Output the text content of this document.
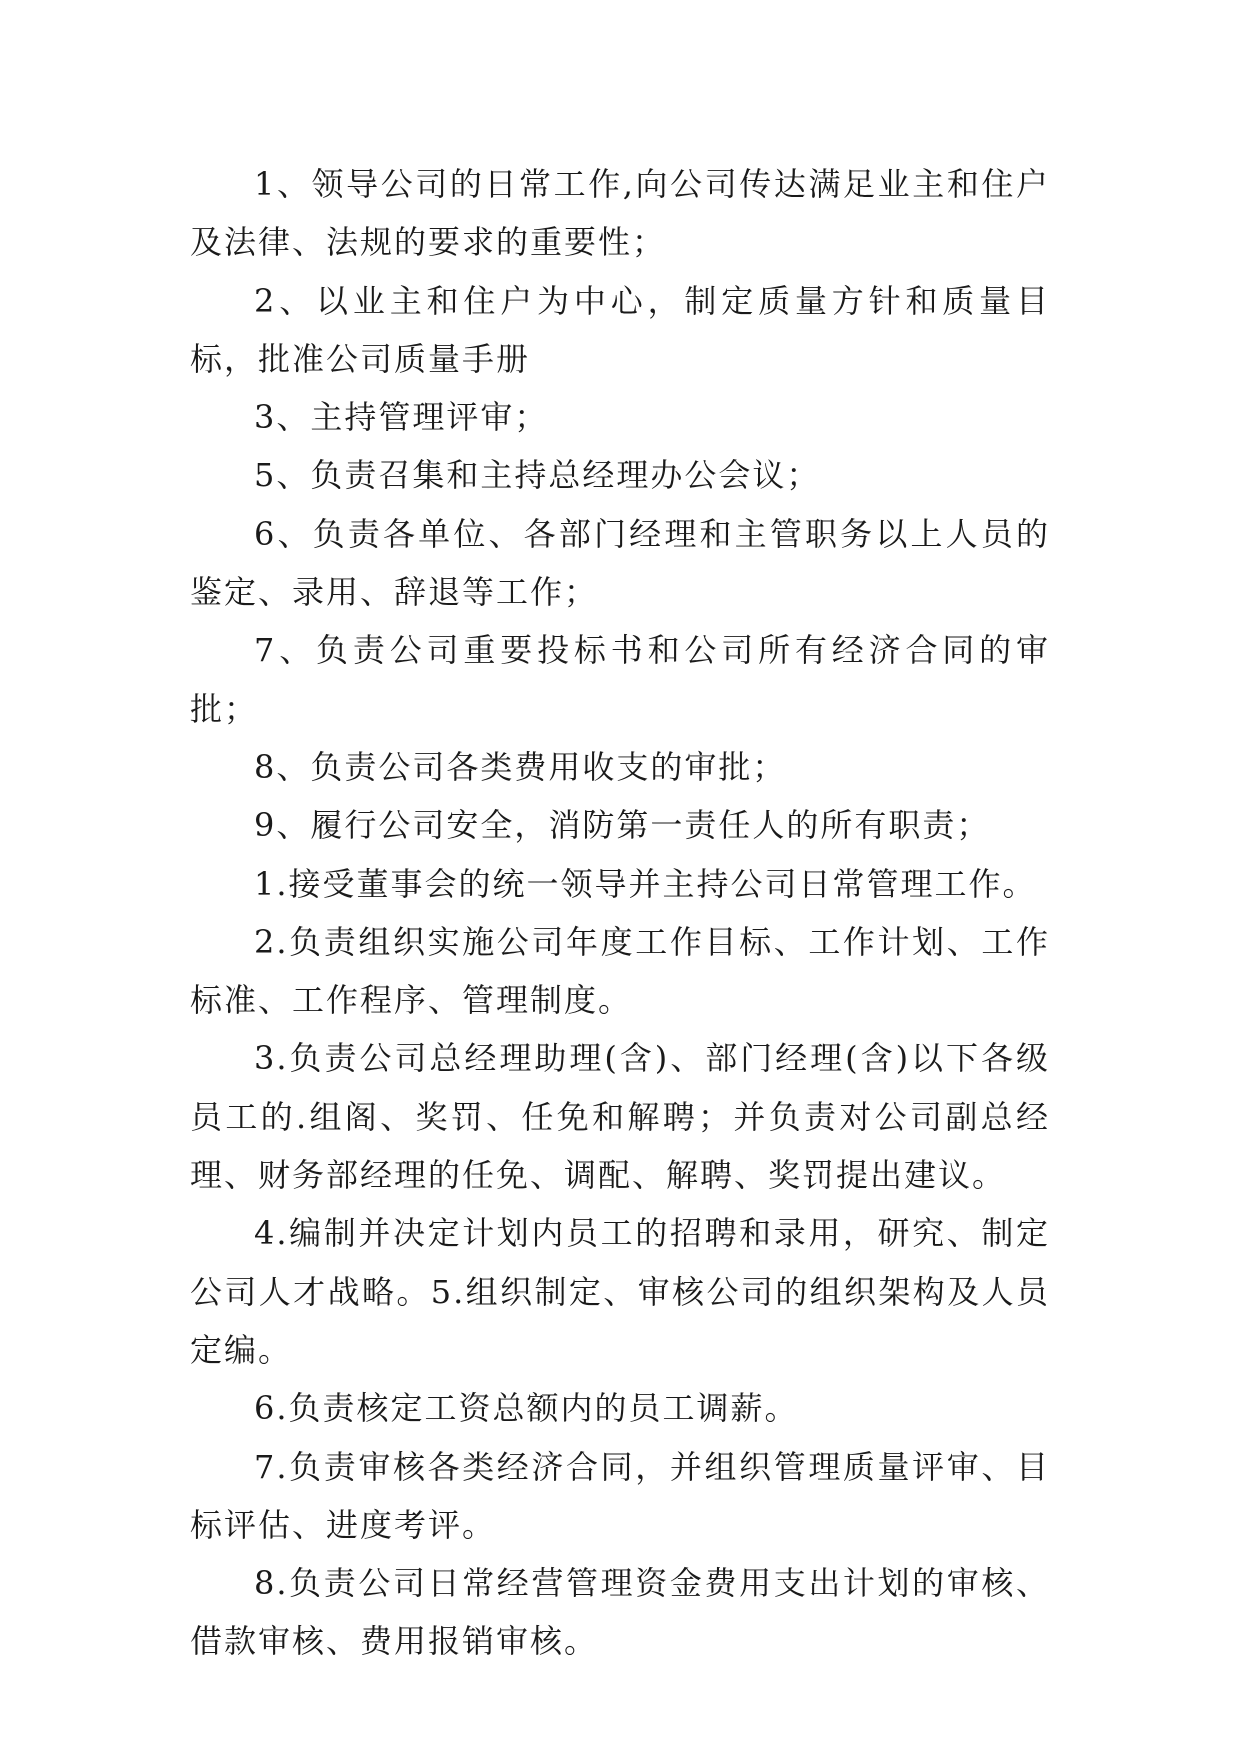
1、领导公司的日常工作,向公司传达满足业主和住户及法律、法规的要求的重要性；

2、以业主和住户为中心，制定质量方针和质量目标，批准公司质量手册

3、主持管理评审；

5、负责召集和主持总经理办公会议；

6、负责各单位、各部门经理和主管职务以上人员的鉴定、录用、辞退等工作；

7、负责公司重要投标书和公司所有经济合同的审批；

8、负责公司各类费用收支的审批；

9、履行公司安全，消防第一责任人的所有职责；

1.接受董事会的统一领导并主持公司日常管理工作。

2.负责组织实施公司年度工作目标、工作计划、工作标准、工作程序、管理制度。

3.负责公司总经理助理(含)、部门经理(含)以下各级员工的.组阁、奖罚、任免和解聘；并负责对公司副总经理、财务部经理的任免、调配、解聘、奖罚提出建议。

4.编制并决定计划内员工的招聘和录用，研究、制定公司人才战略。5.组织制定、审核公司的组织架构及人员定编。

6.负责核定工资总额内的员工调薪。

7.负责审核各类经济合同，并组织管理质量评审、目标评估、进度考评。

8.负责公司日常经营管理资金费用支出计划的审核、借款审核、费用报销审核。
